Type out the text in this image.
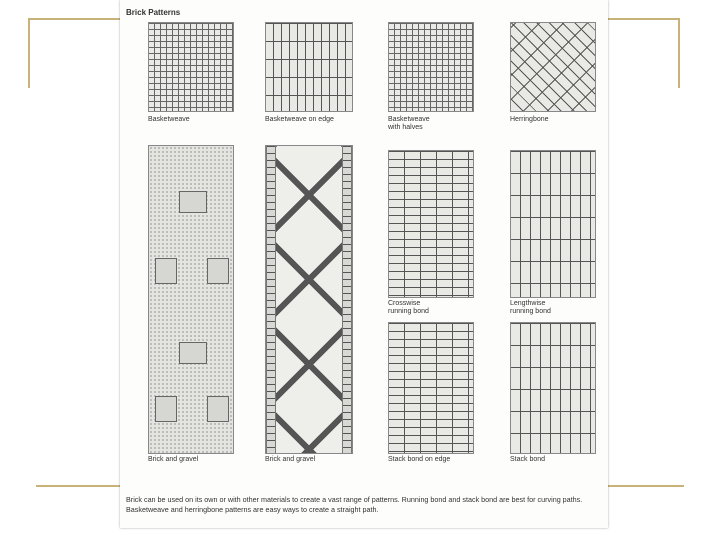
Brick Patterns
Basketweave	Basketweave on edge	Basketweave
with halves
Herringbone
Brick and gravel	Brick and gravel
Crosswise
running bond
Stack bond on edge
Lengthwise
running bond
Stack bond
Brick can be used on its own or with other materials to create a vast range of patterns. Running bond and stack bond are best for curving paths. Basketweave and herringbone patterns are easy ways to create a straight path.
